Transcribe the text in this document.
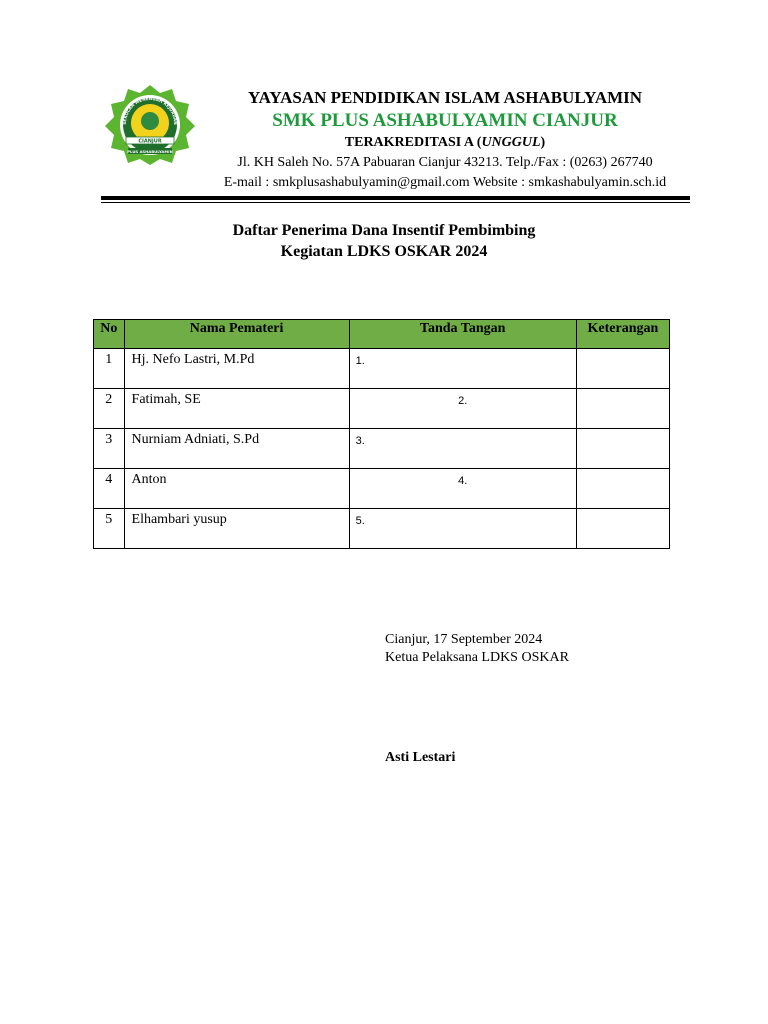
CIANJUR
PLUS ASHABULYAMIN
SEKOLAH MENENGAH KEJURUAN
YAYASAN PENDIDIKAN ISLAM ASHABULYAMIN
SMK PLUS ASHABULYAMIN CIANJUR
TERAKREDITASI A (UNGGUL)
Jl. KH Saleh No. 57A Pabuaran Cianjur 43213. Telp./Fax : (0263) 267740
E-mail : smkplusashabulyamin@gmail.com Website : smkashabulyamin.sch.id
Daftar Penerima Dana Insentif Pembimbing
Kegiatan LDKS OSKAR 2024
No	Nama Pemateri	Tanda Tangan	Keterangan
1	Hj. Nefo Lastri, M.Pd	1.	
2	Fatimah, SE	2.	
3	Nurniam Adniati, S.Pd	3.	
4	Anton	4.	
5	Elhambari yusup	5.	
Cianjur, 17 September 2024
Ketua Pelaksana LDKS OSKAR
Asti Lestari
